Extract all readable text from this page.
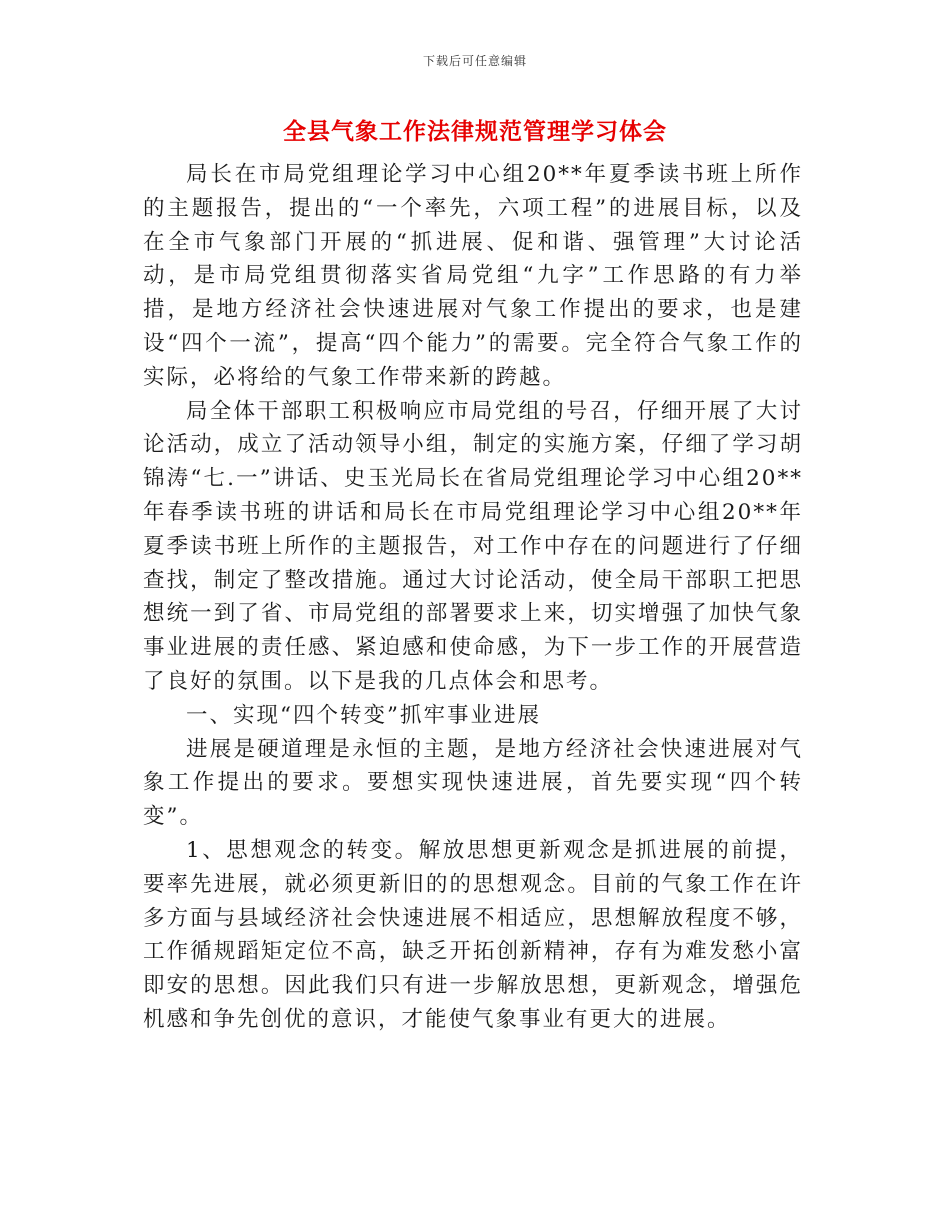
下载后可任意编辑
全县气象工作法律规范管理学习体会

局长在市局党组理论学习中心组20**年夏季读书班上所作的主题报告，提出的“一个率先，六项工程”的进展目标，以及在全市气象部门开展的“抓进展、促和谐、强管理”大讨论活动，是市局党组贯彻落实省局党组“九字”工作思路的有力举措，是地方经济社会快速进展对气象工作提出的要求，也是建设“四个一流”，提高“四个能力”的需要。完全符合气象工作的实际，必将给的气象工作带来新的跨越。

局全体干部职工积极响应市局党组的号召，仔细开展了大讨论活动，成立了活动领导小组，制定的实施方案，仔细了学习胡锦涛“七.一”讲话、史玉光局长在省局党组理论学习中心组20**年春季读书班的讲话和局长在市局党组理论学习中心组20**年夏季读书班上所作的主题报告，对工作中存在的问题进行了仔细查找，制定了整改措施。通过大讨论活动，使全局干部职工把思想统一到了省、市局党组的部署要求上来，切实增强了加快气象事业进展的责任感、紧迫感和使命感，为下一步工作的开展营造了良好的氛围。以下是我的几点体会和思考。

一、实现“四个转变”抓牢事业进展

进展是硬道理是永恒的主题，是地方经济社会快速进展对气象工作提出的要求。要想实现快速进展，首先要实现“四个转变”。

1、思想观念的转变。解放思想更新观念是抓进展的前提，要率先进展，就必须更新旧的的思想观念。目前的气象工作在许多方面与县域经济社会快速进展不相适应，思想解放程度不够，工作循规蹈矩定位不高，缺乏开拓创新精神，存有为难发愁小富即安的思想。因此我们只有进一步解放思想，更新观念，增强危机感和争先创优的意识，才能使气象事业有更大的进展。
